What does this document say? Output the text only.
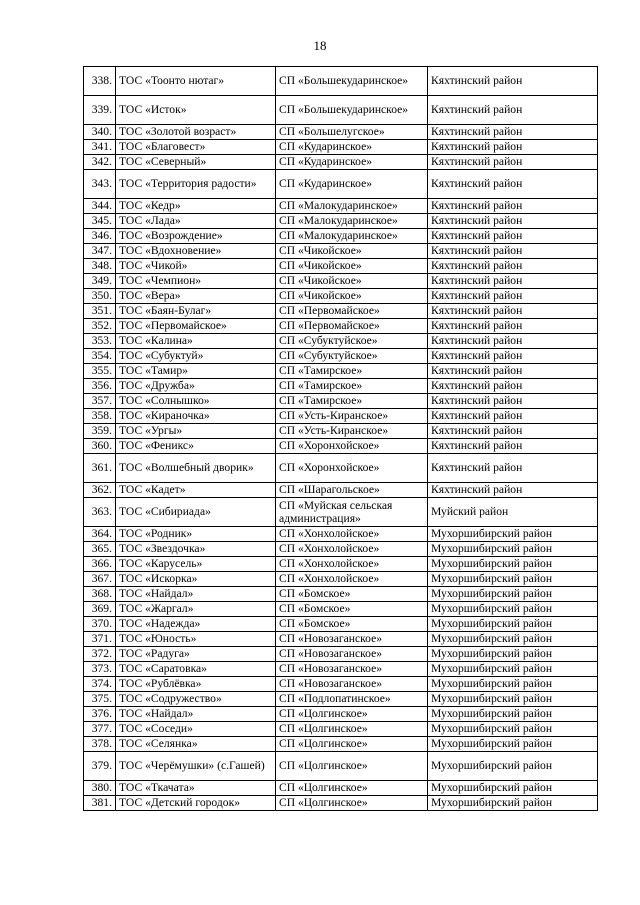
18
338.	ТОС «Тоонто нютаг»	СП «Большекударинское»	Кяхтинский район
339.	ТОС «Исток»	СП «Большекударинское»	Кяхтинский район
340.	ТОС «Золотой возраст»	СП «Большелугское»	Кяхтинский район
341.	ТОС «Благовест»	СП «Кударинское»	Кяхтинский район
342.	ТОС «Северный»	СП «Кударинское»	Кяхтинский район
343.	ТОС «Территория радости»	СП «Кударинское»	Кяхтинский район
344.	ТОС «Кедр»	СП «Малокударинское»	Кяхтинский район
345.	ТОС «Лада»	СП «Малокударинское»	Кяхтинский район
346.	ТОС «Возрождение»	СП «Малокударинское»	Кяхтинский район
347.	ТОС «Вдохновение»	СП «Чикойское»	Кяхтинский район
348.	ТОС «Чикой»	СП «Чикойское»	Кяхтинский район
349.	ТОС «Чемпион»	СП «Чикойское»	Кяхтинский район
350.	ТОС «Вера»	СП «Чикойское»	Кяхтинский район
351.	ТОС «Баян-Булаг»	СП «Первомайское»	Кяхтинский район
352.	ТОС «Первомайское»	СП «Первомайское»	Кяхтинский район
353.	ТОС «Калина»	СП «Субуктуйское»	Кяхтинский район
354.	ТОС «Субуктуй»	СП «Субуктуйское»	Кяхтинский район
355.	ТОС «Тамир»	СП «Тамирское»	Кяхтинский район
356.	ТОС «Дружба»	СП «Тамирское»	Кяхтинский район
357.	ТОС «Солнышко»	СП «Тамирское»	Кяхтинский район
358.	ТОС «Кираночка»	СП «Усть-Киранское»	Кяхтинский район
359.	ТОС «Ургы»	СП «Усть-Киранское»	Кяхтинский район
360.	ТОС «Феникс»	СП «Хоронхойское»	Кяхтинский район
361.	ТОС «Волшебный дворик»	СП «Хоронхойское»	Кяхтинский район
362.	ТОС «Кадет»	СП «Шарагольское»	Кяхтинский район
363.	ТОС «Сибириада»	СП «Муйская сельская администрация»	Муйский район
364.	ТОС «Родник»	СП «Хонхолойское»	Мухоршибирский район
365.	ТОС «Звездочка»	СП «Хонхолойское»	Мухоршибирский район
366.	ТОС «Карусель»	СП «Хонхолойское»	Мухоршибирский район
367.	ТОС «Искорка»	СП «Хонхолойское»	Мухоршибирский район
368.	ТОС «Найдал»	СП «Бомское»	Мухоршибирский район
369.	ТОС «Жаргал»	СП «Бомское»	Мухоршибирский район
370.	ТОС «Надежда»	СП «Бомское»	Мухоршибирский район
371.	ТОС «Юность»	СП «Новозаганское»	Мухоршибирский район
372.	ТОС «Радуга»	СП «Новозаганское»	Мухоршибирский район
373.	ТОС «Саратовка»	СП «Новозаганское»	Мухоршибирский район
374.	ТОС «Рублёвка»	СП «Новозаганское»	Мухоршибирский район
375.	ТОС «Содружество»	СП «Подлопатинское»	Мухоршибирский район
376.	ТОС «Найдал»	СП «Цолгинское»	Мухоршибирский район
377.	ТОС «Соседи»	СП «Цолгинское»	Мухоршибирский район
378.	ТОС «Селянка»	СП «Цолгинское»	Мухоршибирский район
379.	ТОС «Черёмушки» (с.Гашей)	СП «Цолгинское»	Мухоршибирский район
380.	ТОС «Ткачата»	СП «Цолгинское»	Мухоршибирский район
381.	ТОС «Детский городок»	СП «Цолгинское»	Мухоршибирский район
